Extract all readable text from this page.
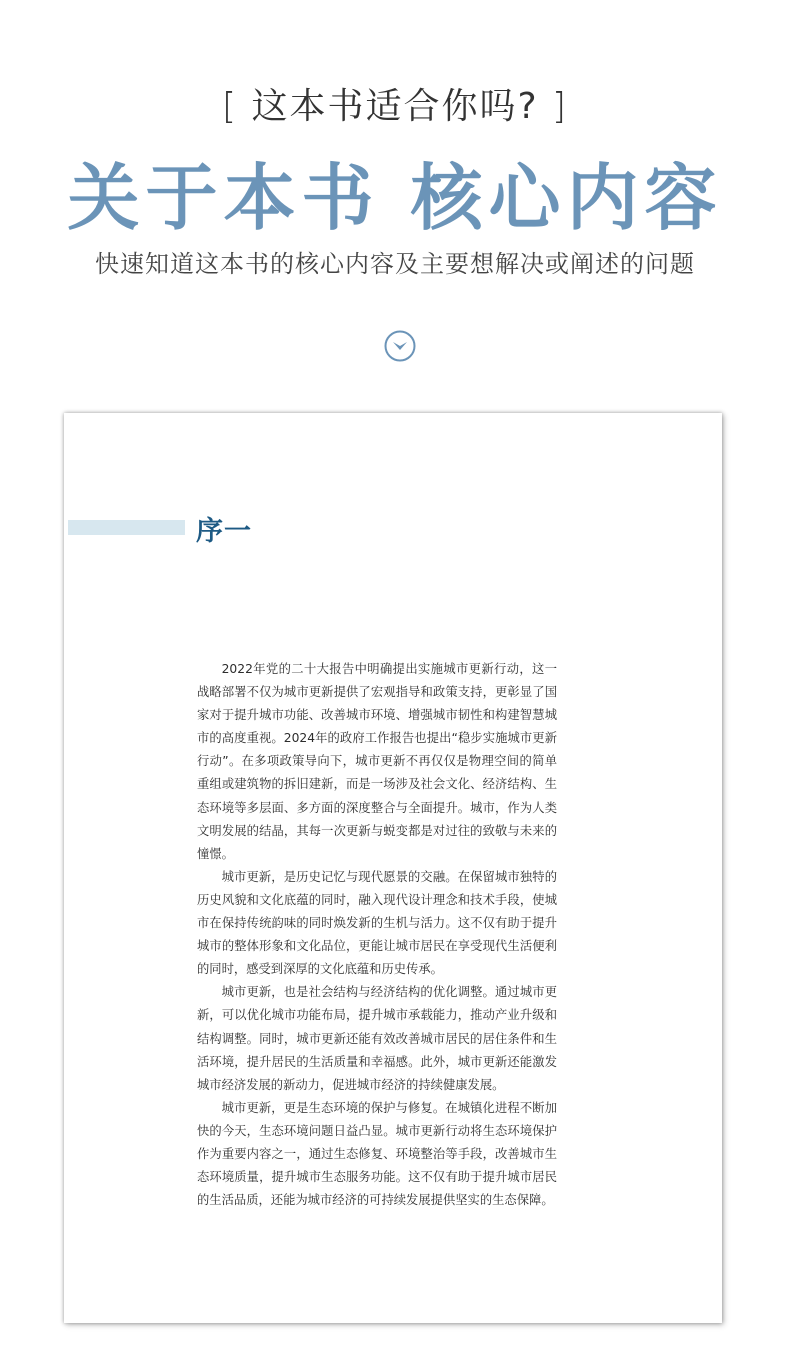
[ 这本书适合你吗? ]
关于本书 核心内容
快速知道这本书的核心内容及主要想解决或阐述的问题
序一

2022年党的二十大报告中明确提出实施城市更新行动，这一战略部署不仅为城市更新提供了宏观指导和政策支持，更彰显了国家对于提升城市功能、改善城市环境、增强城市韧性和构建智慧城市的高度重视。2024年的政府工作报告也提出“稳步实施城市更新行动”。在多项政策导向下，城市更新不再仅仅是物理空间的简单重组或建筑物的拆旧建新，而是一场涉及社会文化、经济结构、生态环境等多层面、多方面的深度整合与全面提升。城市，作为人类文明发展的结晶，其每一次更新与蜕变都是对过往的致敬与未来的憧憬。

城市更新，是历史记忆与现代愿景的交融。在保留城市独特的历史风貌和文化底蕴的同时，融入现代设计理念和技术手段，使城市在保持传统韵味的同时焕发新的生机与活力。这不仅有助于提升城市的整体形象和文化品位，更能让城市居民在享受现代生活便利的同时，感受到深厚的文化底蕴和历史传承。

城市更新，也是社会结构与经济结构的优化调整。通过城市更新，可以优化城市功能布局，提升城市承载能力，推动产业升级和结构调整。同时，城市更新还能有效改善城市居民的居住条件和生活环境，提升居民的生活质量和幸福感。此外，城市更新还能激发城市经济发展的新动力，促进城市经济的持续健康发展。

城市更新，更是生态环境的保护与修复。在城镇化进程不断加快的今天，生态环境问题日益凸显。城市更新行动将生态环境保护作为重要内容之一，通过生态修复、环境整治等手段，改善城市生态环境质量，提升城市生态服务功能。这不仅有助于提升城市居民的生活品质，还能为城市经济的可持续发展提供坚实的生态保障。
